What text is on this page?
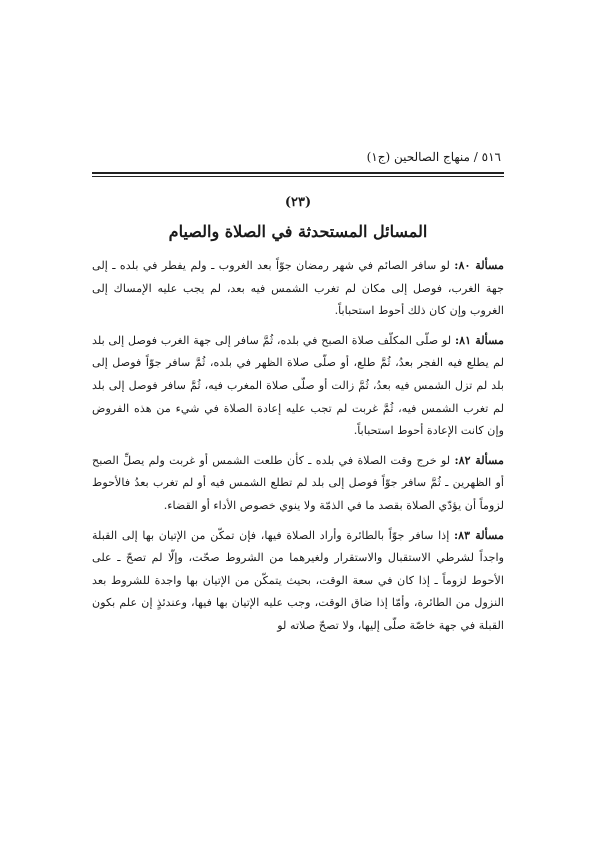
٥١٦ / منهاج الصالحين (ج١)
(٢٣)
المسائل المستحدثة في الصلاة والصيام

مسألة ٨٠: لو سافر الصائم في شهر رمضان جوّاً بعد الغروب ـ ولم يفطر في بلده ـ إلى جهة الغرب، فوصل إلى مكان لم تغرب الشمس فيه بعد، لم يجب عليه الإمساك إلى الغروب وإن كان ذلك أحوط استحباباً.

مسألة ٨١: لو صلّى المكلّف صلاة الصبح في بلده، ثُمَّ سافر إلى جهة الغرب فوصل إلى بلد لم يطلع فيه الفجر بعدُ، ثُمَّ طلع، أو صلّى صلاة الظهر في بلده، ثُمَّ سافر جوّاً فوصل إلى بلد لم تزل الشمس فيه بعدُ، ثُمَّ زالت أو صلّى صلاة المغرب فيه، ثُمَّ سافر فوصل إلى بلد لم تغرب الشمس فيه، ثُمَّ غربت لم تجب عليه إعادة الصلاة في شيء من هذه الفروض وإن كانت الإعادة أحوط استحباباً.

مسألة ٨٢: لو خرج وقت الصلاة في بلده ـ كأن طلعت الشمس أو غربت ولم يصلِّ الصبح أو الظهرين ـ ثُمَّ سافر جوّاً فوصل إلى بلد لم تطلع الشمس فيه أو لم تغرب بعدُ فالأحوط لزوماً أن يؤدّي الصلاة بقصد ما في الذمّة ولا ينوي خصوص الأداء أو القضاء.

مسألة ٨٣: إذا سافر جوّاً بالطائرة وأراد الصلاة فيها، فإن تمكّن من الإتيان بها إلى القبلة واجداً لشرطي الاستقبال والاستقرار ولغيرهما من الشروط صحّت، وإلّا لم تصحّ ـ على الأحوط لزوماً ـ إذا كان في سعة الوقت، بحيث يتمكّن من الإتيان بها واجدة للشروط بعد النزول من الطائرة، وأمّا إذا ضاق الوقت، وجب عليه الإتيان بها فيها، وعندئذٍ إن علم بكون القبلة في جهة خاصّة صلّى إليها، ولا تصحّ صلاته لو
